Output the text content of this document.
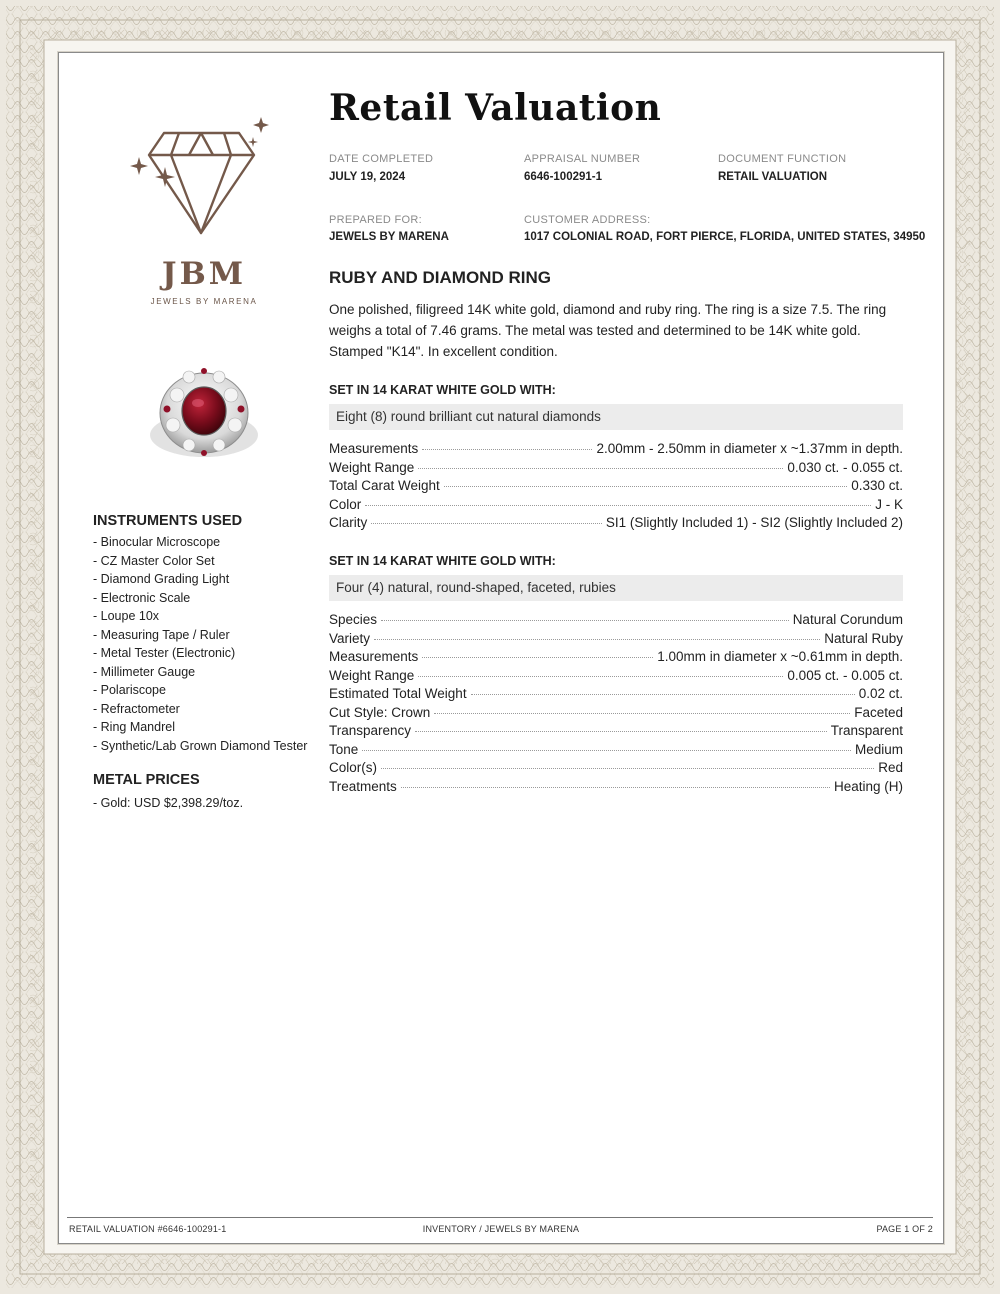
JBM
JEWELS BY MARENA
Retail Valuation
DATE COMPLETED
JULY 19, 2024
APPRAISAL NUMBER
6646-100291-1
DOCUMENT FUNCTION
RETAIL VALUATION
PREPARED FOR:
JEWELS BY MARENA
CUSTOMER ADDRESS:
1017 COLONIAL ROAD, FORT PIERCE, FLORIDA, UNITED STATES, 34950
RUBY AND DIAMOND RING
One polished, filigreed 14K white gold, diamond and ruby ring. The ring is a size 7.5. The ring weighs a total of 7.46 grams. The metal was tested and determined to be 14K white gold. Stamped "K14". In excellent condition.
SET IN 14 KARAT WHITE GOLD WITH:
Eight (8) round brilliant cut natural diamonds
Measurements	2.00mm - 2.50mm in diameter x ~1.37mm in depth.
Weight Range	0.030 ct. - 0.055 ct.
Total Carat Weight	0.330 ct.
Color	J - K
Clarity	SI1 (Slightly Included 1) - SI2 (Slightly Included 2)
SET IN 14 KARAT WHITE GOLD WITH:
Four (4) natural, round-shaped, faceted, rubies
Species	Natural Corundum
Variety	Natural Ruby
Measurements	1.00mm in diameter x ~0.61mm in depth.
Weight Range	0.005 ct. - 0.005 ct.
Estimated Total Weight	0.02 ct.
Cut Style: Crown	Faceted
Transparency	Transparent
Tone	Medium
Color(s)	Red
Treatments	Heating (H)
INSTRUMENTS USED
- Binocular Microscope
- CZ Master Color Set
- Diamond Grading Light
- Electronic Scale
- Loupe 10x
- Measuring Tape / Ruler
- Metal Tester (Electronic)
- Millimeter Gauge
- Polariscope
- Refractometer
- Ring Mandrel
- Synthetic/Lab Grown Diamond Tester
METAL PRICES
- Gold: USD $2,398.29/toz.
RETAIL VALUATION #6646-100291-1	INVENTORY / JEWELS BY MARENA	PAGE 1 OF 2
